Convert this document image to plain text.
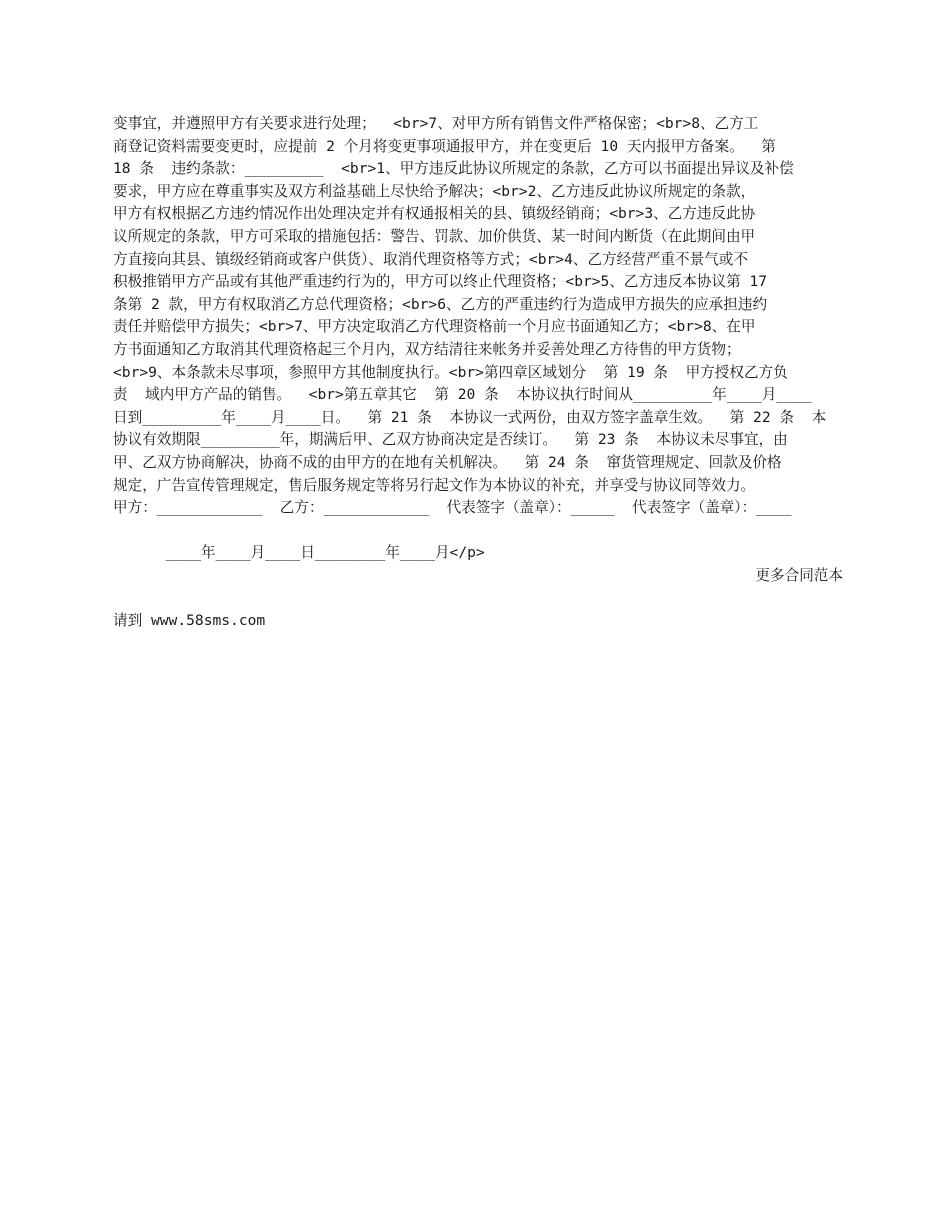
变事宜，并遵照甲方有关要求进行处理；  <br>7、对甲方所有销售文件严格保密；<br>8、乙方工
商登记资料需要变更时，应提前 2 个月将变更事项通报甲方，并在变更后 10 天内报甲方备案。  第
18 条  违约条款：_________  <br>1、甲方违反此协议所规定的条款，乙方可以书面提出异议及补偿
要求，甲方应在尊重事实及双方利益基础上尽快给予解决；<br>2、乙方违反此协议所规定的条款，
甲方有权根据乙方违约情况作出处理决定并有权通报相关的县、镇级经销商；<br>3、乙方违反此协
议所规定的条款，甲方可采取的措施包括：警告、罚款、加价供货、某一时间内断货（在此期间由甲
方直接向其县、镇级经销商或客户供货）、取消代理资格等方式；<br>4、乙方经营严重不景气或不
积极推销甲方产品或有其他严重违约行为的，甲方可以终止代理资格；<br>5、乙方违反本协议第 17
条第 2 款，甲方有权取消乙方总代理资格；<br>6、乙方的严重违约行为造成甲方损失的应承担违约
责任并赔偿甲方损失；<br>7、甲方决定取消乙方代理资格前一个月应书面通知乙方；<br>8、在甲
方书面通知乙方取消其代理资格起三个月内，双方结清往来帐务并妥善处理乙方待售的甲方货物；
<br>9、本条款未尽事项，参照甲方其他制度执行。<br>第四章区域划分  第 19 条  甲方授权乙方负
责  域内甲方产品的销售。  <br>第五章其它  第 20 条  本协议执行时间从_________年____月____
日到_________年____月____日。  第 21 条  本协议一式两份，由双方签字盖章生效。  第 22 条  本
协议有效期限_________年，期满后甲、乙双方协商决定是否续订。  第 23 条  本协议未尽事宜，由
甲、乙双方协商解决，协商不成的由甲方的在地有关机解决。  第 24 条  窜货管理规定、回款及价格
规定，广告宣传管理规定，售后服务规定等将另行起文作为本协议的补充，并享受与协议同等效力。
甲方：____________  乙方：____________  代表签字（盖章）：_____  代表签字（盖章）：____

____年____月____日________年____月</p>

更多合同范本

请到 www.58sms.com
